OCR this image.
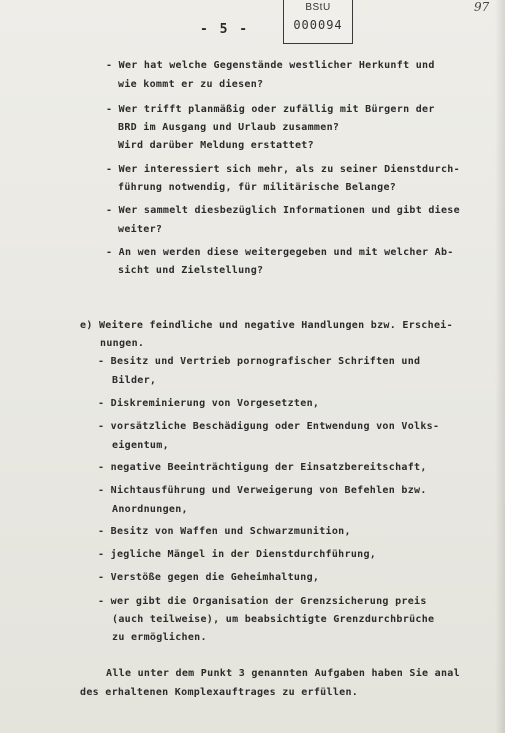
BStU
000094
97
- 5 -
- Wer hat welche Gegenstände westlicher Herkunft und
wie kommt er zu diesen?
- Wer trifft planmäßig oder zufällig mit Bürgern der
BRD im Ausgang und Urlaub zusammen?
Wird darüber Meldung erstattet?
- Wer interessiert sich mehr, als zu seiner Dienstdurch-
führung notwendig, für militärische Belange?
- Wer sammelt diesbezüglich Informationen und gibt diese
weiter?
- An wen werden diese weitergegeben und mit welcher Ab-
sicht und Zielstellung?
e) Weitere feindliche und negative Handlungen bzw. Erschei-
nungen.
- Besitz und Vertrieb pornografischer Schriften und
Bilder,
- Diskreminierung von Vorgesetzten,
- vorsätzliche Beschädigung oder Entwendung von Volks-
eigentum,
- negative Beeinträchtigung der Einsatzbereitschaft,
- Nichtausführung und Verweigerung von Befehlen bzw.
Anordnungen,
- Besitz von Waffen und Schwarzmunition,
- jegliche Mängel in der Dienstdurchführung,
- Verstöße gegen die Geheimhaltung,
- wer gibt die Organisation der Grenzsicherung preis
(auch teilweise), um beabsichtigte Grenzdurchbrüche
zu ermöglichen.
Alle unter dem Punkt 3 genannten Aufgaben haben Sie anal
des erhaltenen Komplexauftrages zu erfüllen.
